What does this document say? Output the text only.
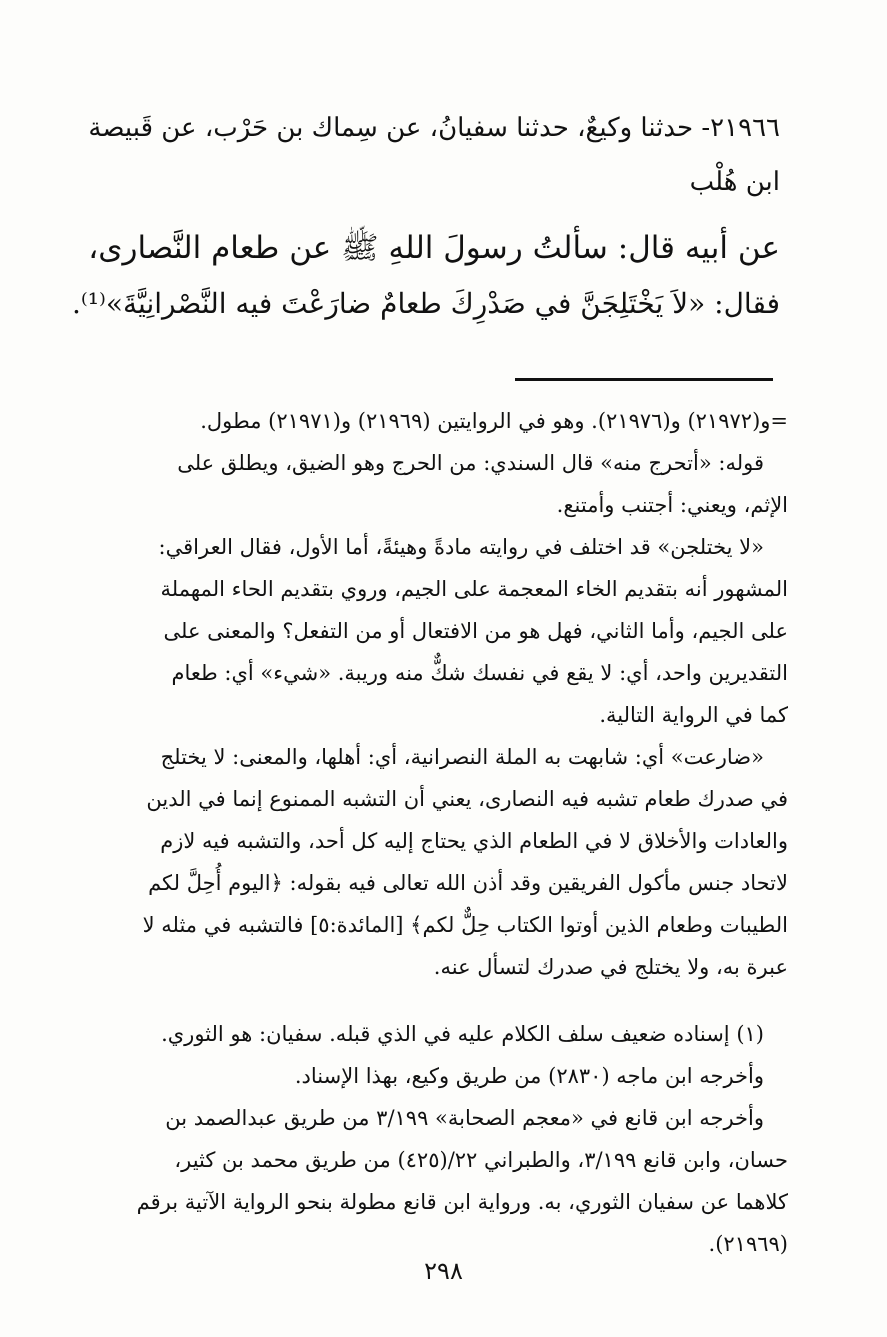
٢١٩٦٦- حدثنا وكيعٌ، حدثنا سفيانُ، عن سِماك بن حَرْب، عن قَبيصة

ابن هُلْب

عن أبيه قال: سألتُ رسولَ اللهِ ﷺ عن طعام النَّصارى،

فقال: «لاَ يَخْتَلِجَنَّ في صَدْرِكَ طعامٌ ضارَعْتَ فيه النَّصْرانِيَّةَ»⁽¹⁾.

=و(٢١٩٧٢) و(٢١٩٧٦). وهو في الروايتين (٢١٩٦٩) و(٢١٩٧١) مطول.

قوله: «أتحرج منه» قال السندي: من الحرج وهو الضيق، ويطلق على

الإثم، ويعني: أجتنب وأمتنع.

«لا يختلجن» قد اختلف في روايته مادةً وهيئةً، أما الأول، فقال العراقي:

المشهور أنه بتقديم الخاء المعجمة على الجيم، وروي بتقديم الحاء المهملة

على الجيم، وأما الثاني، فهل هو من الافتعال أو من التفعل؟ والمعنى على

التقديرين واحد، أي: لا يقع في نفسك شكٌّ منه وريبة. «شيء» أي: طعام

كما في الرواية التالية.

«ضارعت» أي: شابهت به الملة النصرانية، أي: أهلها، والمعنى: لا يختلج

في صدرك طعام تشبه فيه النصارى، يعني أن التشبه الممنوع إنما في الدين

والعادات والأخلاق لا في الطعام الذي يحتاج إليه كل أحد، والتشبه فيه لازم

لاتحاد جنس مأكول الفريقين وقد أذن الله تعالى فيه بقوله: ﴿اليوم أُحِلَّ لكم

الطيبات وطعام الذين أوتوا الكتاب حِلٌّ لكم﴾ [المائدة:٥] فالتشبه في مثله لا

عبرة به، ولا يختلج في صدرك لتسأل عنه.

(١) إسناده ضعيف سلف الكلام عليه في الذي قبله. سفيان: هو الثوري.

وأخرجه ابن ماجه (٢٨٣٠) من طريق وكيع، بهذا الإسناد.

وأخرجه ابن قانع في «معجم الصحابة» ٣/١٩٩ من طريق عبدالصمد بن

حسان، وابن قانع ٣/١٩٩، والطبراني ٢٢/(٤٢٥) من طريق محمد بن كثير،

كلاهما عن سفيان الثوري، به. ورواية ابن قانع مطولة بنحو الرواية الآتية برقم

(٢١٩٦٩).

٢٩٨
